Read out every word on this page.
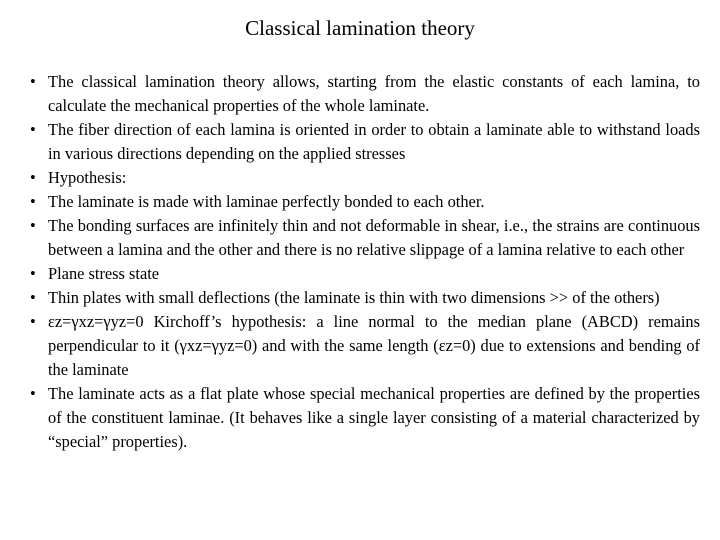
Classical lamination theory
• The classical lamination theory allows, starting from the elastic constants of each lamina, to calculate the mechanical properties of the whole laminate.
• The fiber direction of each lamina is oriented in order to obtain a laminate able to withstand loads in various directions depending on the applied stresses
• Hypothesis:
• The laminate is made with laminae perfectly bonded to each other.
• The bonding surfaces are infinitely thin and not deformable in shear, i.e., the strains are continuous between a lamina and the other and there is no relative slippage of a lamina relative to each other
• Plane stress state
• Thin plates with small deflections (the laminate is thin with two dimensions >> of the others)
• εz=γxz=γyz=0 Kirchoff’s hypothesis: a line normal to the median plane (ABCD) remains perpendicular to it (γxz=γyz=0) and with the same length (εz=0) due to extensions and bending of the laminate
• The laminate acts as a flat plate whose special mechanical properties are defined by the properties of the constituent laminae. (It behaves like a single layer consisting of a material characterized by “special” properties).
